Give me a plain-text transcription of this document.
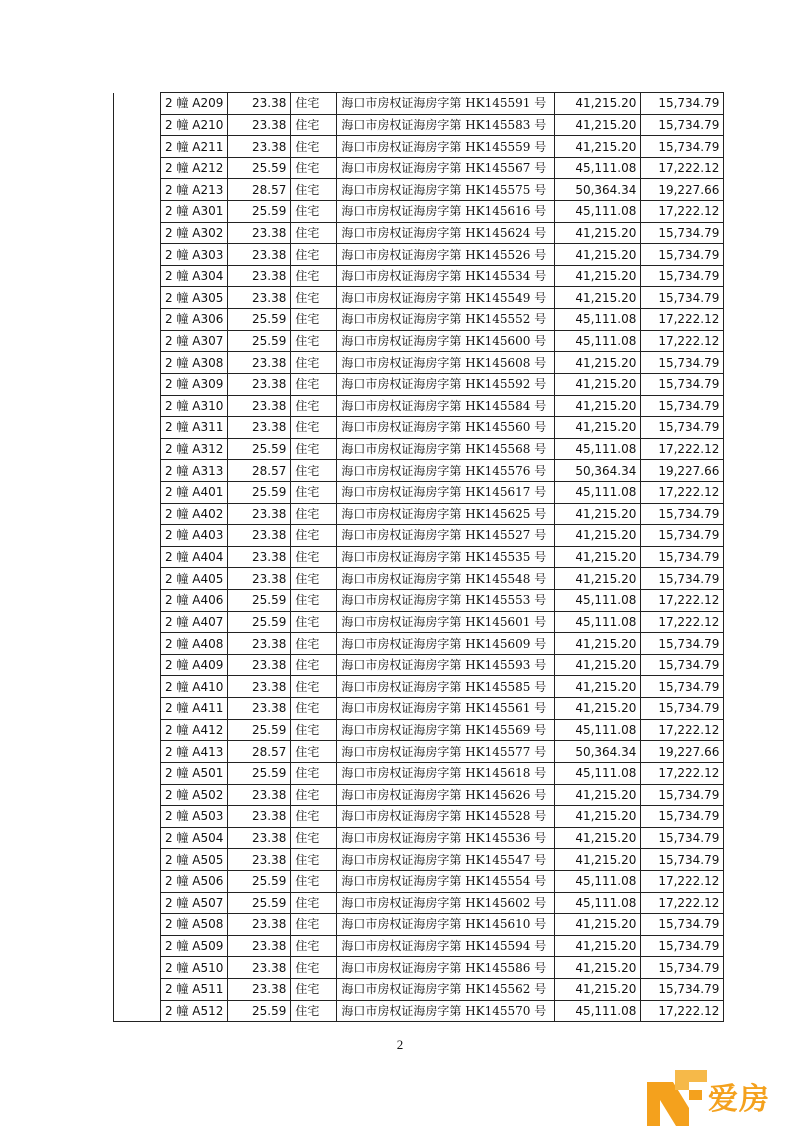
	2 幢 A209	23.38	住宅	海口市房权证海房字第 HK145591 号	41,215.20	15,734.79
	2 幢 A210	23.38	住宅	海口市房权证海房字第 HK145583 号	41,215.20	15,734.79
	2 幢 A211	23.38	住宅	海口市房权证海房字第 HK145559 号	41,215.20	15,734.79
	2 幢 A212	25.59	住宅	海口市房权证海房字第 HK145567 号	45,111.08	17,222.12
	2 幢 A213	28.57	住宅	海口市房权证海房字第 HK145575 号	50,364.34	19,227.66
	2 幢 A301	25.59	住宅	海口市房权证海房字第 HK145616 号	45,111.08	17,222.12
	2 幢 A302	23.38	住宅	海口市房权证海房字第 HK145624 号	41,215.20	15,734.79
	2 幢 A303	23.38	住宅	海口市房权证海房字第 HK145526 号	41,215.20	15,734.79
	2 幢 A304	23.38	住宅	海口市房权证海房字第 HK145534 号	41,215.20	15,734.79
	2 幢 A305	23.38	住宅	海口市房权证海房字第 HK145549 号	41,215.20	15,734.79
	2 幢 A306	25.59	住宅	海口市房权证海房字第 HK145552 号	45,111.08	17,222.12
	2 幢 A307	25.59	住宅	海口市房权证海房字第 HK145600 号	45,111.08	17,222.12
	2 幢 A308	23.38	住宅	海口市房权证海房字第 HK145608 号	41,215.20	15,734.79
	2 幢 A309	23.38	住宅	海口市房权证海房字第 HK145592 号	41,215.20	15,734.79
	2 幢 A310	23.38	住宅	海口市房权证海房字第 HK145584 号	41,215.20	15,734.79
	2 幢 A311	23.38	住宅	海口市房权证海房字第 HK145560 号	41,215.20	15,734.79
	2 幢 A312	25.59	住宅	海口市房权证海房字第 HK145568 号	45,111.08	17,222.12
	2 幢 A313	28.57	住宅	海口市房权证海房字第 HK145576 号	50,364.34	19,227.66
	2 幢 A401	25.59	住宅	海口市房权证海房字第 HK145617 号	45,111.08	17,222.12
	2 幢 A402	23.38	住宅	海口市房权证海房字第 HK145625 号	41,215.20	15,734.79
	2 幢 A403	23.38	住宅	海口市房权证海房字第 HK145527 号	41,215.20	15,734.79
	2 幢 A404	23.38	住宅	海口市房权证海房字第 HK145535 号	41,215.20	15,734.79
	2 幢 A405	23.38	住宅	海口市房权证海房字第 HK145548 号	41,215.20	15,734.79
	2 幢 A406	25.59	住宅	海口市房权证海房字第 HK145553 号	45,111.08	17,222.12
	2 幢 A407	25.59	住宅	海口市房权证海房字第 HK145601 号	45,111.08	17,222.12
	2 幢 A408	23.38	住宅	海口市房权证海房字第 HK145609 号	41,215.20	15,734.79
	2 幢 A409	23.38	住宅	海口市房权证海房字第 HK145593 号	41,215.20	15,734.79
	2 幢 A410	23.38	住宅	海口市房权证海房字第 HK145585 号	41,215.20	15,734.79
	2 幢 A411	23.38	住宅	海口市房权证海房字第 HK145561 号	41,215.20	15,734.79
	2 幢 A412	25.59	住宅	海口市房权证海房字第 HK145569 号	45,111.08	17,222.12
	2 幢 A413	28.57	住宅	海口市房权证海房字第 HK145577 号	50,364.34	19,227.66
	2 幢 A501	25.59	住宅	海口市房权证海房字第 HK145618 号	45,111.08	17,222.12
	2 幢 A502	23.38	住宅	海口市房权证海房字第 HK145626 号	41,215.20	15,734.79
	2 幢 A503	23.38	住宅	海口市房权证海房字第 HK145528 号	41,215.20	15,734.79
	2 幢 A504	23.38	住宅	海口市房权证海房字第 HK145536 号	41,215.20	15,734.79
	2 幢 A505	23.38	住宅	海口市房权证海房字第 HK145547 号	41,215.20	15,734.79
	2 幢 A506	25.59	住宅	海口市房权证海房字第 HK145554 号	45,111.08	17,222.12
	2 幢 A507	25.59	住宅	海口市房权证海房字第 HK145602 号	45,111.08	17,222.12
	2 幢 A508	23.38	住宅	海口市房权证海房字第 HK145610 号	41,215.20	15,734.79
	2 幢 A509	23.38	住宅	海口市房权证海房字第 HK145594 号	41,215.20	15,734.79
	2 幢 A510	23.38	住宅	海口市房权证海房字第 HK145586 号	41,215.20	15,734.79
	2 幢 A511	23.38	住宅	海口市房权证海房字第 HK145562 号	41,215.20	15,734.79
	2 幢 A512	25.59	住宅	海口市房权证海房字第 HK145570 号	45,111.08	17,222.12
2
爱房
